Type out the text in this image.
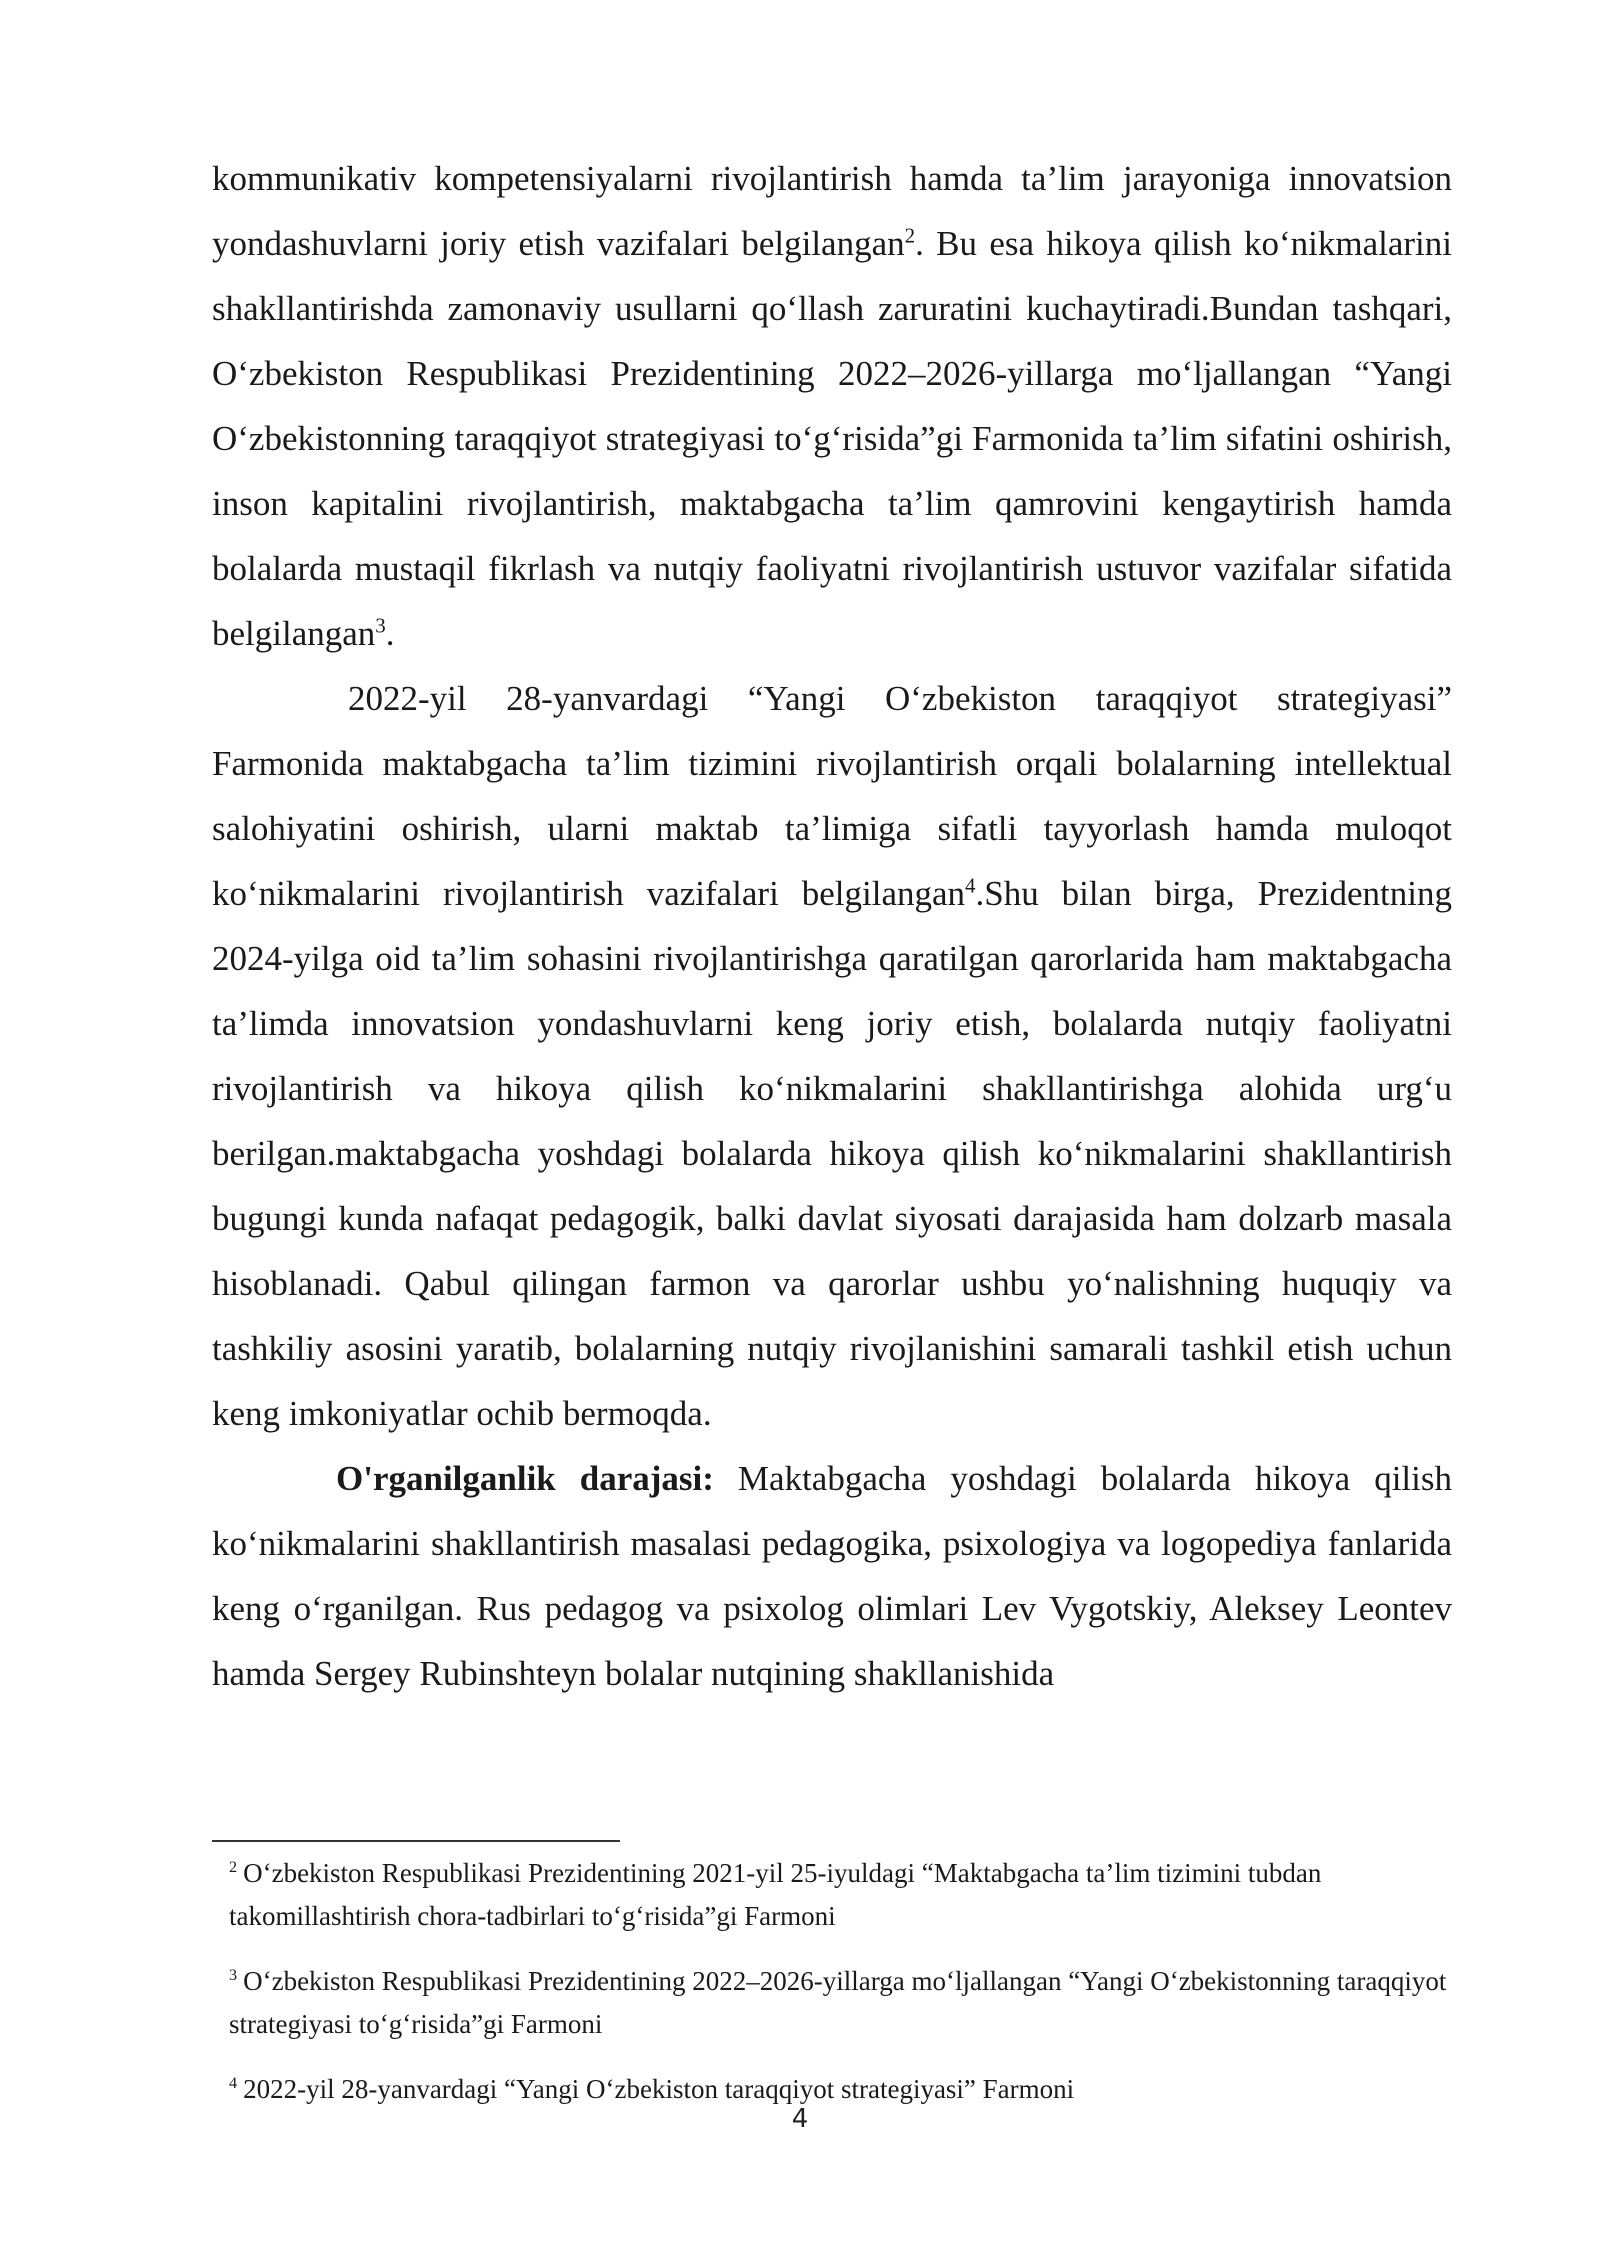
kommunikativ kompetensiyalarni rivojlantirish hamda ta’lim jarayoniga innovatsion yondashuvlarni joriy etish vazifalari belgilangan$^2$. Bu esa hikoya qilish ko‘nikmalarini shakllantirishda zamonaviy usullarni qo‘llash zaruratini kuchaytiradi.Bundan tashqari, O‘zbekiston Respublikasi Prezidentining 2022–2026-yillarga mo‘ljallangan “Yangi O‘zbekistonning taraqqiyot strategiyasi to‘g‘risida”gi Farmonida ta’lim sifatini oshirish, inson kapitalini rivojlantirish, maktabgacha ta’lim qamrovini kengaytirish hamda bolalarda mustaqil fikrlash va nutqiy faoliyatni rivojlantirish ustuvor vazifalar sifatida belgilangan$^3$.

2022-yil 28-yanvardagi “Yangi O‘zbekiston taraqqiyot strategiyasi” Farmonida maktabgacha ta’lim tizimini rivojlantirish orqali bolalarning intellektual salohiyatini oshirish, ularni maktab ta’limiga sifatli tayyorlash hamda muloqot ko‘nikmalarini rivojlantirish vazifalari belgilangan$^4$.Shu bilan birga, Prezidentning 2024-yilga oid ta’lim sohasini rivojlantirishga qaratilgan qarorlarida ham maktabgacha ta’limda innovatsion yondashuvlarni keng joriy etish, bolalarda nutqiy faoliyatni rivojlantirish va hikoya qilish ko‘nikmalarini shakllantirishga alohida urg‘u berilgan.maktabgacha yoshdagi bolalarda hikoya qilish ko‘nikmalarini shakllantirish bugungi kunda nafaqat pedagogik, balki davlat siyosati darajasida ham dolzarb masala hisoblanadi. Qabul qilingan farmon va qarorlar ushbu yo‘nalishning huquqiy va tashkiliy asosini yaratib, bolalarning nutqiy rivojlanishini samarali tashkil etish uchun keng imkoniyatlar ochib bermoqda.

O'rganilganlik darajasi: Maktabgacha yoshdagi bolalarda hikoya qilish ko‘nikmalarini shakllantirish masalasi pedagogika, psixologiya va logopediya fanlarida keng o‘rganilgan. Rus pedagog va psixolog olimlari Lev Vygotskiy, Aleksey Leontev hamda Sergey Rubinshteyn bolalar nutqining shakllanishida

$^2$ O‘zbekiston Respublikasi Prezidentining 2021-yil 25-iyuldagi “Maktabgacha ta’lim tizimini tubdan takomillashtirish chora-tadbirlari to‘g‘risida”gi Farmoni

$^3$ O‘zbekiston Respublikasi Prezidentining 2022–2026-yillarga mo‘ljallangan “Yangi O‘zbekistonning taraqqiyot strategiyasi to‘g‘risida”gi Farmoni

$^4$ 2022-yil 28-yanvardagi “Yangi O‘zbekiston taraqqiyot strategiyasi” Farmoni

4
